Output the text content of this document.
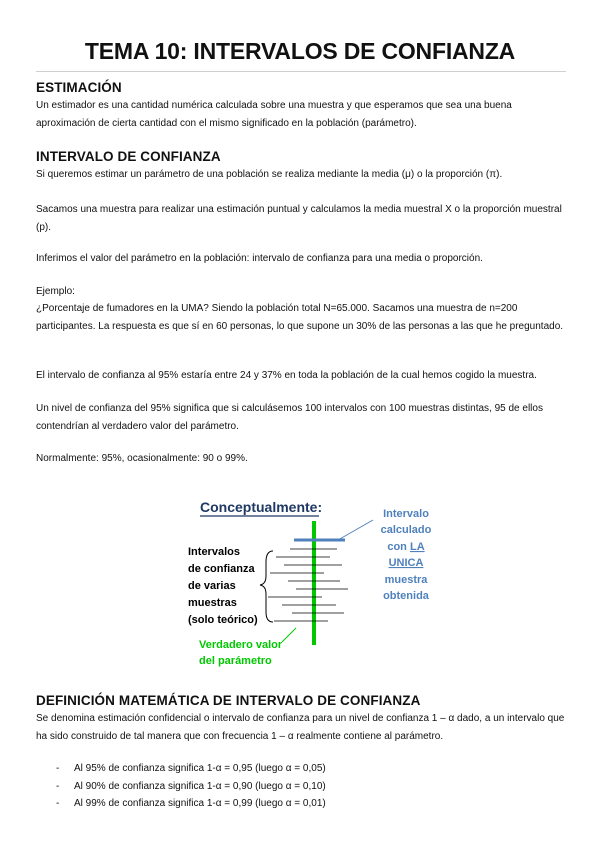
TEMA 10: INTERVALOS DE CONFIANZA
ESTIMACIÓN

Un estimador es una cantidad numérica calculada sobre una muestra y que esperamos que sea una buena aproximación de cierta cantidad con el mismo significado en la población (parámetro).

INTERVALO DE CONFIANZA

Si queremos estimar un parámetro de una población se realiza mediante la media (μ) o la proporción (π).

Sacamos una muestra para realizar una estimación puntual y calculamos la media muestral X o la proporción muestral (p).

Inferimos el valor del parámetro en la población: intervalo de confianza para una media o proporción.

Ejemplo:

¿Porcentaje de fumadores en la UMA? Siendo la población total N=65.000. Sacamos una muestra de n=200 participantes. La respuesta es que sí en 60 personas, lo que supone un 30% de las personas a las que he preguntado.

El intervalo de confianza al 95% estaría entre 24 y 37% en toda la población de la cual hemos cogido la muestra.

Un nivel de confianza del 95% significa que si calculásemos 100 intervalos con 100 muestras distintas, 95 de ellos contendrían al verdadero valor del parámetro.

Normalmente: 95%, ocasionalmente: 90 o 99%.

Conceptualmente:
Intervalos
de confianza
de varias
muestras
(solo teórico)
Intervalo
calculado
con LA
UNICA
muestra
obtenida
Verdadero valor
del parámetro
DEFINICIÓN MATEMÁTICA DE INTERVALO DE CONFIANZA

Se denomina estimación confidencial o intervalo de confianza para un nivel de confianza 1 – α dado, a un intervalo que ha sido construido de tal manera que con frecuencia 1 – α realmente contiene al parámetro.

- Al 95% de confianza significa 1-α = 0,95 (luego α = 0,05)
- Al 90% de confianza significa 1-α = 0,90 (luego α = 0,10)
- Al 99% de confianza significa 1-α = 0,99 (luego α = 0,01)
